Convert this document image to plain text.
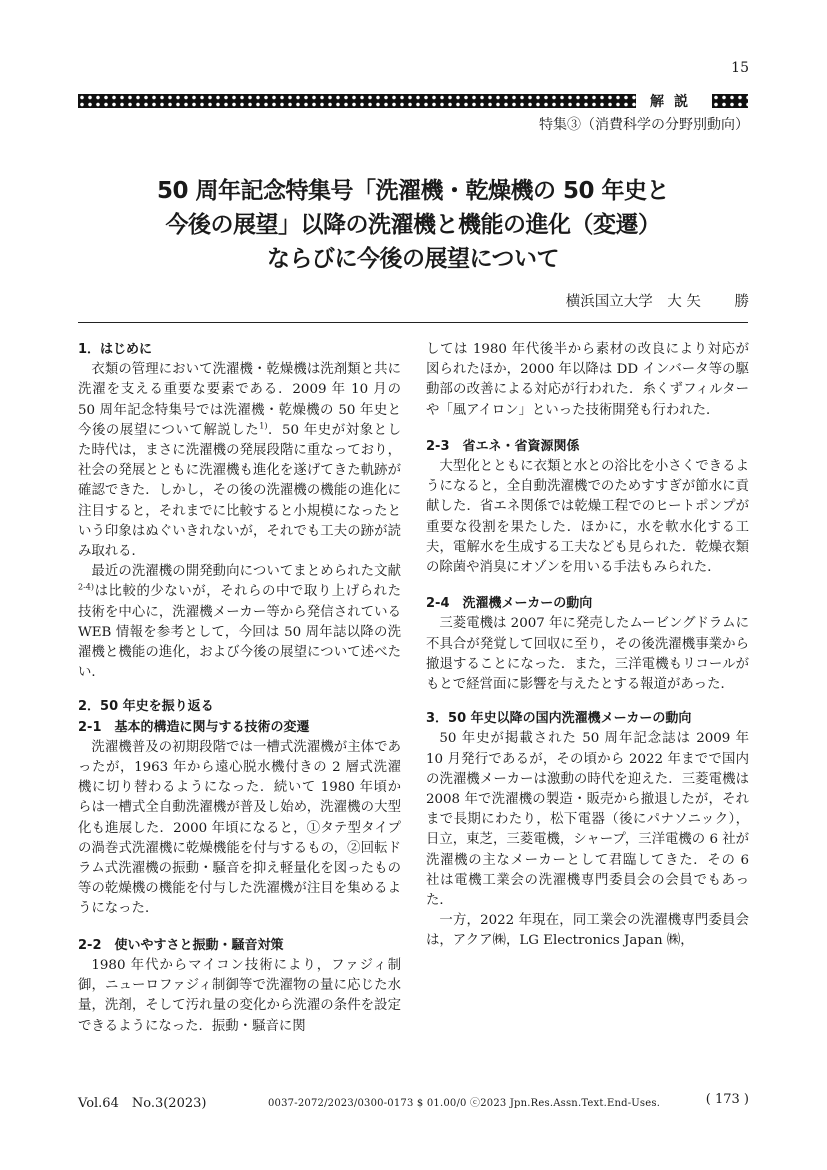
15
解説
特集③（消費科学の分野別動向）
50 周年記念特集号「洗濯機・乾燥機の 50 年史と
今後の展望」以降の洗濯機と機能の進化（変遷）
ならびに今後の展望について
横浜国立大学　大 矢　　 勝
1．はじめに

衣類の管理において洗濯機・乾燥機は洗剤類と共に洗濯を支える重要な要素である．2009 年 10 月の 50 周年記念特集号では洗濯機・乾燥機の 50 年史と今後の展望について解説した$^{1)}$．50 年史が対象とした時代は，まさに洗濯機の発展段階に重なっており，社会の発展とともに洗濯機も進化を遂げてきた軌跡が確認できた．しかし，その後の洗濯機の機能の進化に注目すると，それまでに比較すると小規模になったという印象はぬぐいきれないが，それでも工夫の跡が読み取れる．

最近の洗濯機の開発動向についてまとめられた文献$^{2-4)}$は比較的少ないが，それらの中で取り上げられた技術を中心に，洗濯機メーカー等から発信されている WEB 情報を参考として，今回は 50 周年誌以降の洗濯機と機能の進化，および今後の展望について述べたい．

2．50 年史を振り返る
2-1　基本的構造に関与する技術の変遷

洗濯機普及の初期段階では一槽式洗濯機が主体であったが，1963 年から遠心脱水機付きの 2 層式洗濯機に切り替わるようになった．続いて 1980 年頃からは一槽式全自動洗濯機が普及し始め，洗濯機の大型化も進展した．2000 年頃になると，①タテ型タイプの渦巻式洗濯機に乾燥機能を付与するもの，②回転ドラム式洗濯機の振動・騒音を抑え軽量化を図ったもの等の乾燥機の機能を付与した洗濯機が注目を集めるようになった．

2-2　使いやすさと振動・騒音対策

1980 年代からマイコン技術により，ファジィ制御，ニューロファジィ制御等で洗濯物の量に応じた水量，洗剤，そして汚れ量の変化から洗濯の条件を設定できるようになった．振動・騒音に関

しては 1980 年代後半から素材の改良により対応が図られたほか，2000 年以降は DD インバータ等の駆動部の改善による対応が行われた．糸くずフィルターや「風アイロン」といった技術開発も行われた．

2-3　省エネ・省資源関係

大型化とともに衣類と水との浴比を小さくできるようになると，全自動洗濯機でのためすすぎが節水に貢献した．省エネ関係では乾燥工程でのヒートポンプが重要な役割を果たした．ほかに，水を軟水化する工夫，電解水を生成する工夫なども見られた．乾燥衣類の除菌や消臭にオゾンを用いる手法もみられた．

2-4　洗濯機メーカーの動向

三菱電機は 2007 年に発売したムービングドラムに不具合が発覚して回収に至り，その後洗濯機事業から撤退することになった．また，三洋電機もリコールがもとで経営面に影響を与えたとする報道があった．

3．50 年史以降の国内洗濯機メーカーの動向

50 年史が掲載された 50 周年記念誌は 2009 年 10 月発行であるが，その頃から 2022 年までで国内の洗濯機メーカーは激動の時代を迎えた．三菱電機は 2008 年で洗濯機の製造・販売から撤退したが，それまで長期にわたり，松下電器（後にパナソニック），日立，東芝，三菱電機，シャープ，三洋電機の 6 社が洗濯機の主なメーカーとして君臨してきた．その 6 社は電機工業会の洗濯機専門委員会の会員でもあった．

一方，2022 年現在，同工業会の洗濯機専門委員会は，アクア㈱，LG Electronics Japan ㈱，

Vol.64　No.3(2023)	0037-2072/2023/0300-0173 $ 01.00/0 ⓒ2023 Jpn.Res.Assn.Text.End-Uses.	( 173 )
